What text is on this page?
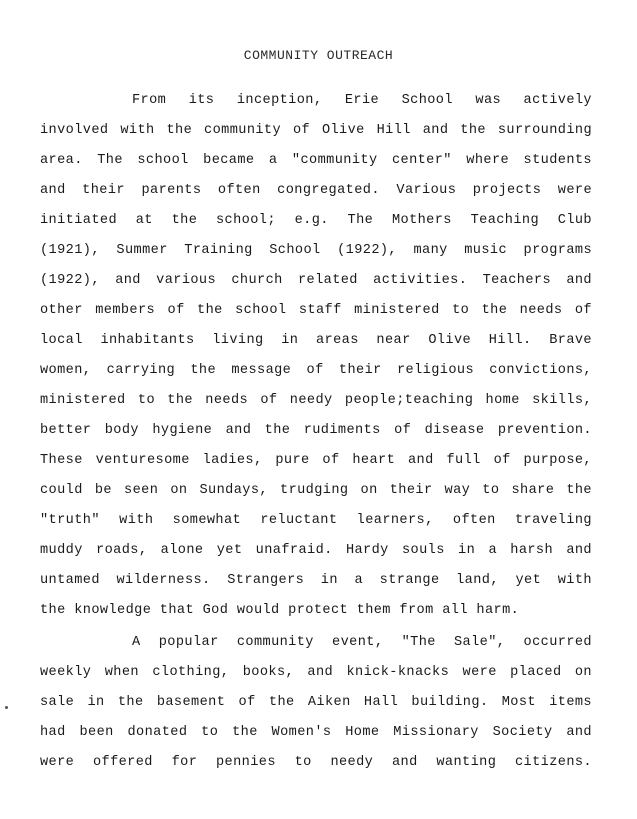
COMMUNITY OUTREACH
From its inception, Erie School was actively
involved with the community of Olive Hill and the surrounding
area. The school became a "community center" where students
and their parents often congregated. Various projects were
initiated at the school; e.g. The Mothers Teaching Club
(1921), Summer Training School (1922), many music programs
(1922), and various church related activities. Teachers and
other members of the school staff ministered to the needs of
local inhabitants living in areas near Olive Hill. Brave
women, carrying the message of their religious convictions,
ministered to the needs of needy people;teaching home skills,
better body hygiene and the rudiments of disease prevention.
These venturesome ladies, pure of heart and full of purpose,
could be seen on Sundays, trudging on their way to share the
"truth" with somewhat reluctant learners, often traveling
muddy roads, alone yet unafraid. Hardy souls in a harsh and
untamed wilderness. Strangers in a strange land, yet with
the knowledge that God would protect them from all harm.
A popular community event, "The Sale", occurred
weekly when clothing, books, and knick-knacks were placed on
sale in the basement of the Aiken Hall building. Most items
had been donated to the Women's Home Missionary Society and
were offered for pennies to needy and wanting citizens.
